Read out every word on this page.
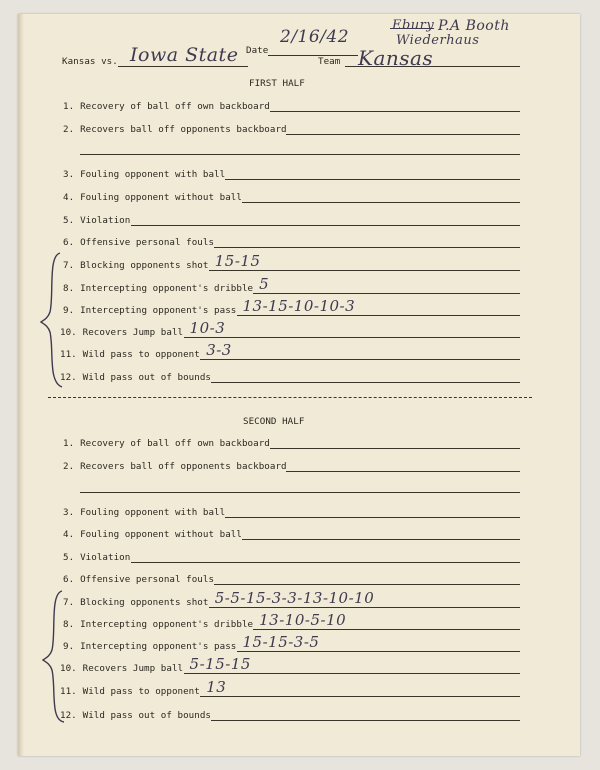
Kansas vs. Iowa State Date
2/16/42
Team Kansas
Ebury P.A Booth
Wiederhaus
FIRST HALF
SECOND HALF
1. Recovery of ball off own backboard
2. Recovers ball off opponents backboard
3. Fouling opponent with ball
4. Fouling opponent without ball
5. Violation
6. Offensive personal fouls
7. Blocking opponents shot 15-15
8. Intercepting opponent's dribble 5
9. Intercepting opponent's pass 13-15-10-10-3
10. Recovers Jump ball 10-3
11. Wild pass to opponent 3-3
12. Wild pass out of bounds
1. Recovery of ball off own backboard
2. Recovers ball off opponents backboard
3. Fouling opponent with ball
4. Fouling opponent without ball
5. Violation
6. Offensive personal fouls
7. Blocking opponents shot 5-5-15-3-3-13-10-10
8. Intercepting opponent's dribble 13-10-5-10
9. Intercepting opponent's pass 15-15-3-5
10. Recovers Jump ball 5-15-15
11. Wild pass to opponent 13
12. Wild pass out of bounds
